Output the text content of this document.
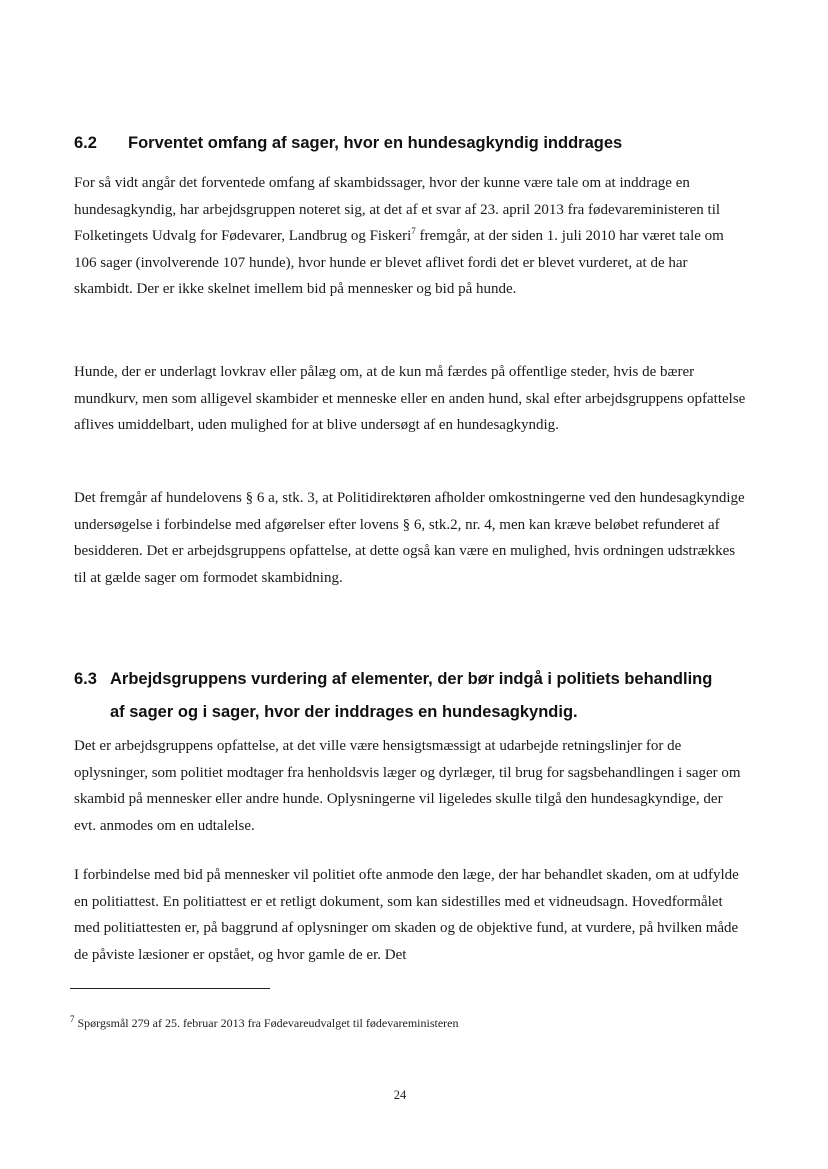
6.2 Forventet omfang af sager, hvor en hundesagkyndig inddrages

For så vidt angår det forventede omfang af skambidssager, hvor der kunne være tale om at inddrage en hundesagkyndig, har arbejdsgruppen noteret sig, at det af et svar af 23. april 2013 fra fødevareministeren til Folketingets Udvalg for Fødevarer, Landbrug og Fiskeri$^7$ fremgår, at der siden 1. juli 2010 har været tale om 106 sager (involverende 107 hunde), hvor hunde er blevet aflivet fordi det er blevet vurderet, at de har skambidt. Der er ikke skelnet imellem bid på mennesker og bid på hunde.

Hunde, der er underlagt lovkrav eller pålæg om, at de kun må færdes på offentlige steder, hvis de bærer mundkurv, men som alligevel skambider et menneske eller en anden hund, skal efter arbejdsgruppens opfattelse aflives umiddelbart, uden mulighed for at blive undersøgt af en hundesagkyndig.

Det fremgår af hundelovens § 6 a, stk. 3, at Politidirektøren afholder omkostningerne ved den hundesagkyndige undersøgelse i forbindelse med afgørelser efter lovens § 6, stk.2, nr. 4, men kan kræve beløbet refunderet af besidderen. Det er arbejdsgruppens opfattelse, at dette også kan være en mulighed, hvis ordningen udstrækkes til at gælde sager om formodet skambidning.

6.3 Arbejdsgruppens vurdering af elementer, der bør indgå i politiets behandling
af sager og i sager, hvor der inddrages en hundesagkyndig.

Det er arbejdsgruppens opfattelse, at det ville være hensigtsmæssigt at udarbejde retningslinjer for de oplysninger, som politiet modtager fra henholdsvis læger og dyrlæger, til brug for sagsbehandlingen i sager om skambid på mennesker eller andre hunde. Oplysningerne vil ligeledes skulle tilgå den hundesagkyndige, der evt. anmodes om en udtalelse.

I forbindelse med bid på mennesker vil politiet ofte anmode den læge, der har behandlet skaden, om at udfylde en politiattest. En politiattest er et retligt dokument, som kan sidestilles med et vidneudsagn. Hovedformålet med politiattesten er, på baggrund af oplysninger om skaden og de objektive fund, at vurdere, på hvilken måde de påviste læsioner er opstået, og hvor gamle de er. Det

$^7$ Spørgsmål 279 af 25. februar 2013 fra Fødevareudvalget til fødevareministeren
24
